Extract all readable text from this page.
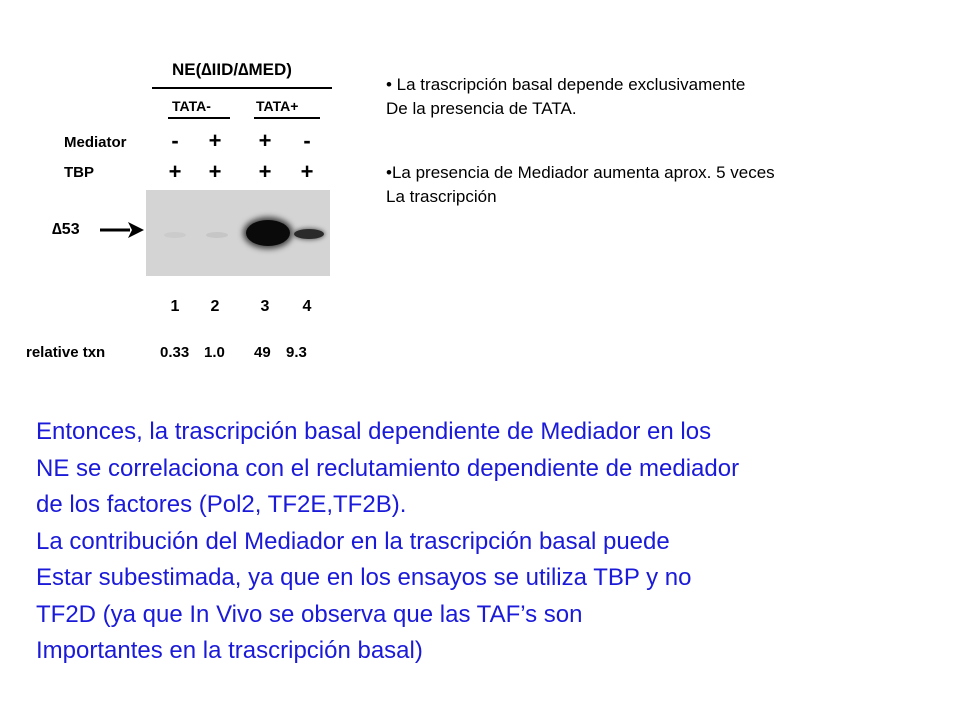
NE(∆IID/∆MED)
TATA-	TATA+
Mediator	-	+	+	-
TBP	+	+	+	+
∆53
1	2	3	4
relative txn	0.33 1.0 49 9.3
• La trascripción basal depende exclusivamente
De la presencia de TATA.
•La presencia de Mediador aumenta aprox. 5 veces
La trascripción
Entonces, la trascripción basal dependiente de Mediador en los
NE se correlaciona con el reclutamiento dependiente de mediador
de los factores (Pol2, TF2E,TF2B).
La contribución del Mediador en la trascripción basal puede
Estar subestimada, ya que en los ensayos se utiliza TBP y no
TF2D (ya que In Vivo se observa que las TAF’s son
Importantes en la trascripción basal)
